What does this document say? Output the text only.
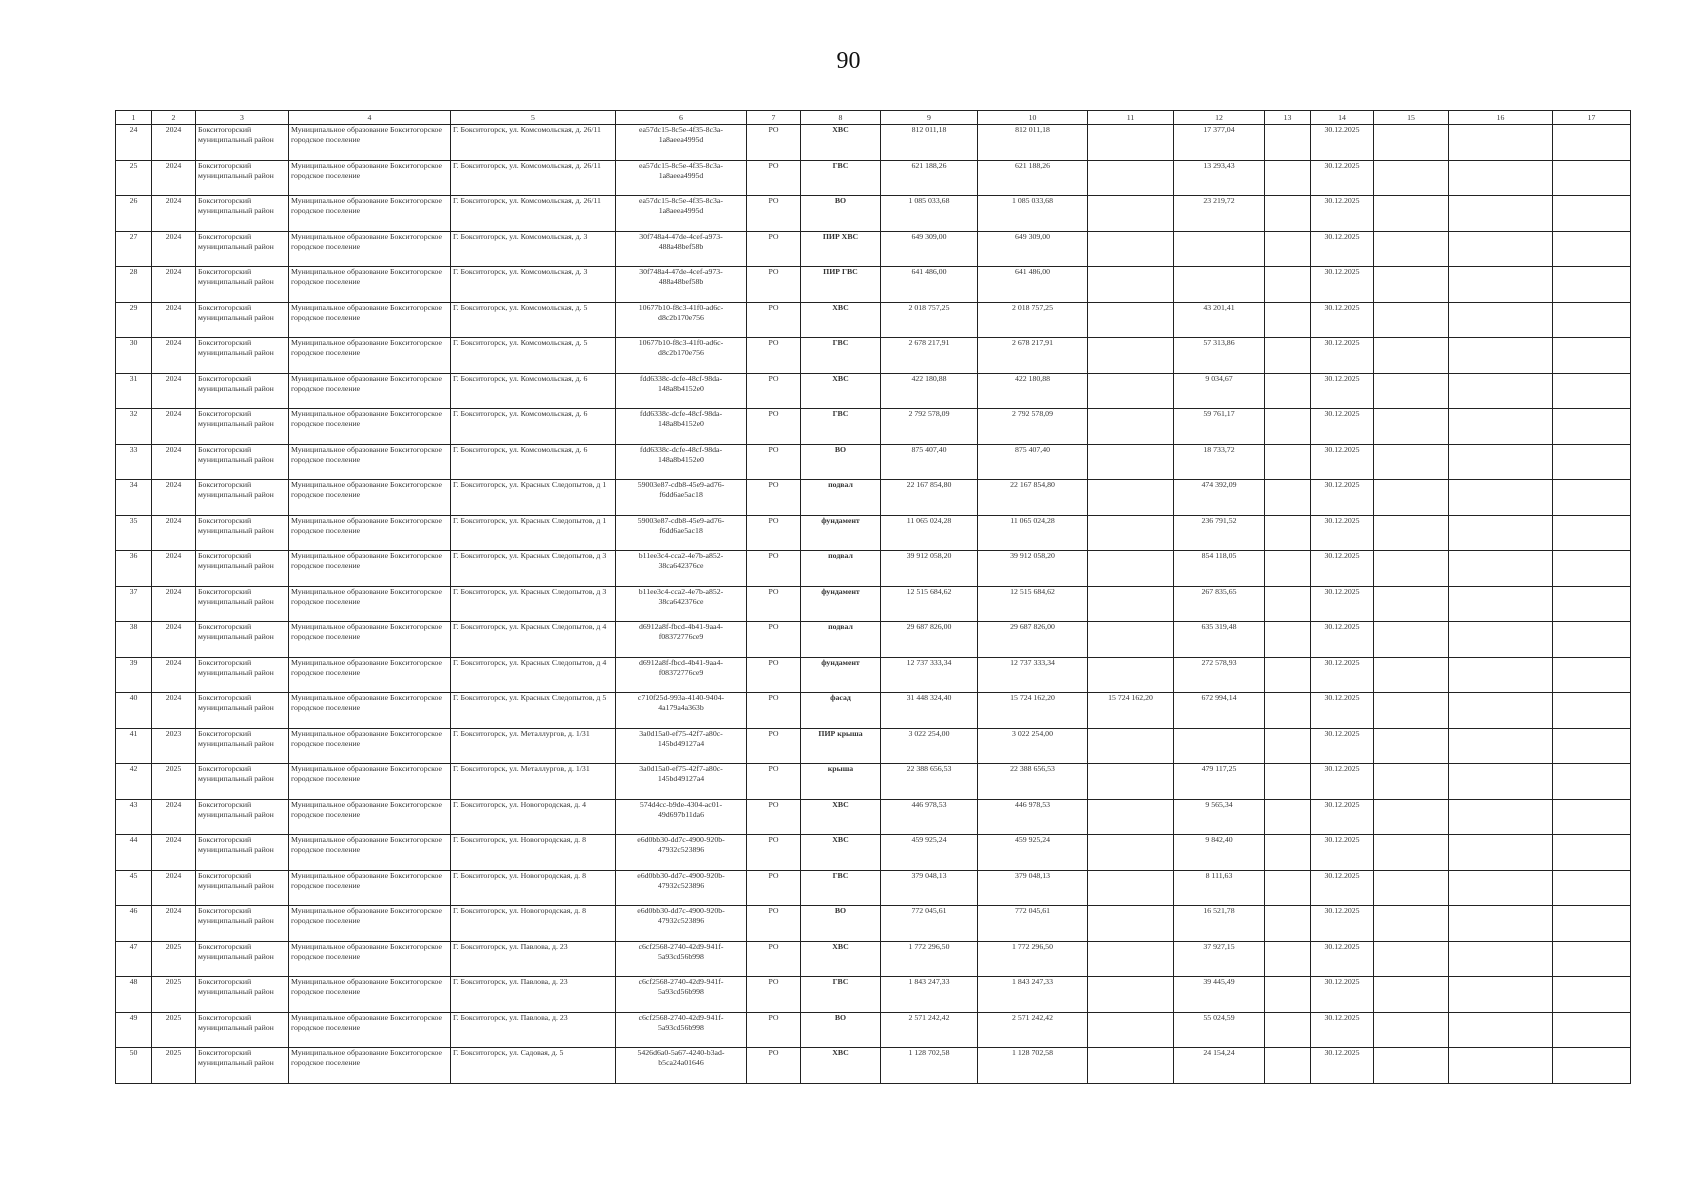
90
1	2	3	4	5	6	7	8	9	10	11	12	13	14	15	16	17
24	2024	Бокситогорский муниципальный район	Муниципальное образование Бокситогорское городское поселение	Г. Бокситогорск, ул. Комсомольская, д. 26/11	ea57dc15-8c5e-4f35-8c3a-1a8aeea4995d	РО	ХВС	812 011,18	812 011,18		17 377,04		30.12.2025			
25	2024	Бокситогорский муниципальный район	Муниципальное образование Бокситогорское городское поселение	Г. Бокситогорск, ул. Комсомольская, д. 26/11	ea57dc15-8c5e-4f35-8c3a-1a8aeea4995d	РО	ГВС	621 188,26	621 188,26		13 293,43		30.12.2025			
26	2024	Бокситогорский муниципальный район	Муниципальное образование Бокситогорское городское поселение	Г. Бокситогорск, ул. Комсомольская, д. 26/11	ea57dc15-8c5e-4f35-8c3a-1a8aeea4995d	РО	ВО	1 085 033,68	1 085 033,68		23 219,72		30.12.2025			
27	2024	Бокситогорский муниципальный район	Муниципальное образование Бокситогорское городское поселение	Г. Бокситогорск, ул. Комсомольская, д. 3	30f748a4-47de-4cef-a973-488a48bef58b	РО	ПИР ХВС	649 309,00	649 309,00				30.12.2025			
28	2024	Бокситогорский муниципальный район	Муниципальное образование Бокситогорское городское поселение	Г. Бокситогорск, ул. Комсомольская, д. 3	30f748a4-47de-4cef-a973-488a48bef58b	РО	ПИР ГВС	641 486,00	641 486,00				30.12.2025			
29	2024	Бокситогорский муниципальный район	Муниципальное образование Бокситогорское городское поселение	Г. Бокситогорск, ул. Комсомольская, д. 5	10677b10-f8c3-41f0-ad6c-d8c2b170e756	РО	ХВС	2 018 757,25	2 018 757,25		43 201,41		30.12.2025			
30	2024	Бокситогорский муниципальный район	Муниципальное образование Бокситогорское городское поселение	Г. Бокситогорск, ул. Комсомольская, д. 5	10677b10-f8c3-41f0-ad6c-d8c2b170e756	РО	ГВС	2 678 217,91	2 678 217,91		57 313,86		30.12.2025			
31	2024	Бокситогорский муниципальный район	Муниципальное образование Бокситогорское городское поселение	Г. Бокситогорск, ул. Комсомольская, д. 6	fdd6338c-dcfe-48cf-98da-148a8b4152e0	РО	ХВС	422 180,88	422 180,88		9 034,67		30.12.2025			
32	2024	Бокситогорский муниципальный район	Муниципальное образование Бокситогорское городское поселение	Г. Бокситогорск, ул. Комсомольская, д. 6	fdd6338c-dcfe-48cf-98da-148a8b4152e0	РО	ГВС	2 792 578,09	2 792 578,09		59 761,17		30.12.2025			
33	2024	Бокситогорский муниципальный район	Муниципальное образование Бокситогорское городское поселение	Г. Бокситогорск, ул. Комсомольская, д. 6	fdd6338c-dcfe-48cf-98da-148a8b4152e0	РО	ВО	875 407,40	875 407,40		18 733,72		30.12.2025			
34	2024	Бокситогорский муниципальный район	Муниципальное образование Бокситогорское городское поселение	Г. Бокситогорск, ул. Красных Следопытов, д 1	59003e87-cdb8-45e9-ad76-f6dd6ae5ac18	РО	подвал	22 167 854,80	22 167 854,80		474 392,09		30.12.2025			
35	2024	Бокситогорский муниципальный район	Муниципальное образование Бокситогорское городское поселение	Г. Бокситогорск, ул. Красных Следопытов, д 1	59003e87-cdb8-45e9-ad76-f6dd6ae5ac18	РО	фундамент	11 065 024,28	11 065 024,28		236 791,52		30.12.2025			
36	2024	Бокситогорский муниципальный район	Муниципальное образование Бокситогорское городское поселение	Г. Бокситогорск, ул. Красных Следопытов, д 3	b11ee3c4-cca2-4e7b-a852-38ca642376ce	РО	подвал	39 912 058,20	39 912 058,20		854 118,05		30.12.2025			
37	2024	Бокситогорский муниципальный район	Муниципальное образование Бокситогорское городское поселение	Г. Бокситогорск, ул. Красных Следопытов, д 3	b11ee3c4-cca2-4e7b-a852-38ca642376ce	РО	фундамент	12 515 684,62	12 515 684,62		267 835,65		30.12.2025			
38	2024	Бокситогорский муниципальный район	Муниципальное образование Бокситогорское городское поселение	Г. Бокситогорск, ул. Красных Следопытов, д 4	d6912a8f-fbcd-4b41-9aa4-f08372776ce9	РО	подвал	29 687 826,00	29 687 826,00		635 319,48		30.12.2025			
39	2024	Бокситогорский муниципальный район	Муниципальное образование Бокситогорское городское поселение	Г. Бокситогорск, ул. Красных Следопытов, д 4	d6912a8f-fbcd-4b41-9aa4-f08372776ce9	РО	фундамент	12 737 333,34	12 737 333,34		272 578,93		30.12.2025			
40	2024	Бокситогорский муниципальный район	Муниципальное образование Бокситогорское городское поселение	Г. Бокситогорск, ул. Красных Следопытов, д 5	c710f25d-993a-4140-9404-4a179a4a363b	РО	фасад	31 448 324,40	15 724 162,20	15 724 162,20	672 994,14		30.12.2025			
41	2023	Бокситогорский муниципальный район	Муниципальное образование Бокситогорское городское поселение	Г. Бокситогорск, ул. Металлургов, д. 1/31	3a0d15a0-ef75-42f7-a80c-145bd49127a4	РО	ПИР крыша	3 022 254,00	3 022 254,00				30.12.2025			
42	2025	Бокситогорский муниципальный район	Муниципальное образование Бокситогорское городское поселение	Г. Бокситогорск, ул. Металлургов, д. 1/31	3a0d15a0-ef75-42f7-a80c-145bd49127a4	РО	крыша	22 388 656,53	22 388 656,53		479 117,25		30.12.2025			
43	2024	Бокситогорский муниципальный район	Муниципальное образование Бокситогорское городское поселение	Г. Бокситогорск, ул. Новогородская, д. 4	574d4cc-b9de-4304-ac01-49d697b11da6	РО	ХВС	446 978,53	446 978,53		9 565,34		30.12.2025			
44	2024	Бокситогорский муниципальный район	Муниципальное образование Бокситогорское городское поселение	Г. Бокситогорск, ул. Новогородская, д. 8	e6d0bb30-dd7c-4900-920b-47932c523896	РО	ХВС	459 925,24	459 925,24		9 842,40		30.12.2025			
45	2024	Бокситогорский муниципальный район	Муниципальное образование Бокситогорское городское поселение	Г. Бокситогорск, ул. Новогородская, д. 8	e6d0bb30-dd7c-4900-920b-47932c523896	РО	ГВС	379 048,13	379 048,13		8 111,63		30.12.2025			
46	2024	Бокситогорский муниципальный район	Муниципальное образование Бокситогорское городское поселение	Г. Бокситогорск, ул. Новогородская, д. 8	e6d0bb30-dd7c-4900-920b-47932c523896	РО	ВО	772 045,61	772 045,61		16 521,78		30.12.2025			
47	2025	Бокситогорский муниципальный район	Муниципальное образование Бокситогорское городское поселение	Г. Бокситогорск, ул. Павлова, д. 23	c6cf2568-2740-42d9-941f-5a93cd56b998	РО	ХВС	1 772 296,50	1 772 296,50		37 927,15		30.12.2025			
48	2025	Бокситогорский муниципальный район	Муниципальное образование Бокситогорское городское поселение	Г. Бокситогорск, ул. Павлова, д. 23	c6cf2568-2740-42d9-941f-5a93cd56b998	РО	ГВС	1 843 247,33	1 843 247,33		39 445,49		30.12.2025			
49	2025	Бокситогорский муниципальный район	Муниципальное образование Бокситогорское городское поселение	Г. Бокситогорск, ул. Павлова, д. 23	c6cf2568-2740-42d9-941f-5a93cd56b998	РО	ВО	2 571 242,42	2 571 242,42		55 024,59		30.12.2025			
50	2025	Бокситогорский муниципальный район	Муниципальное образование Бокситогорское городское поселение	Г. Бокситогорск, ул. Садовая, д. 5	5426d6a0-5a67-4240-b3ad-b5ca24a01646	РО	ХВС	1 128 702,58	1 128 702,58		24 154,24		30.12.2025			
